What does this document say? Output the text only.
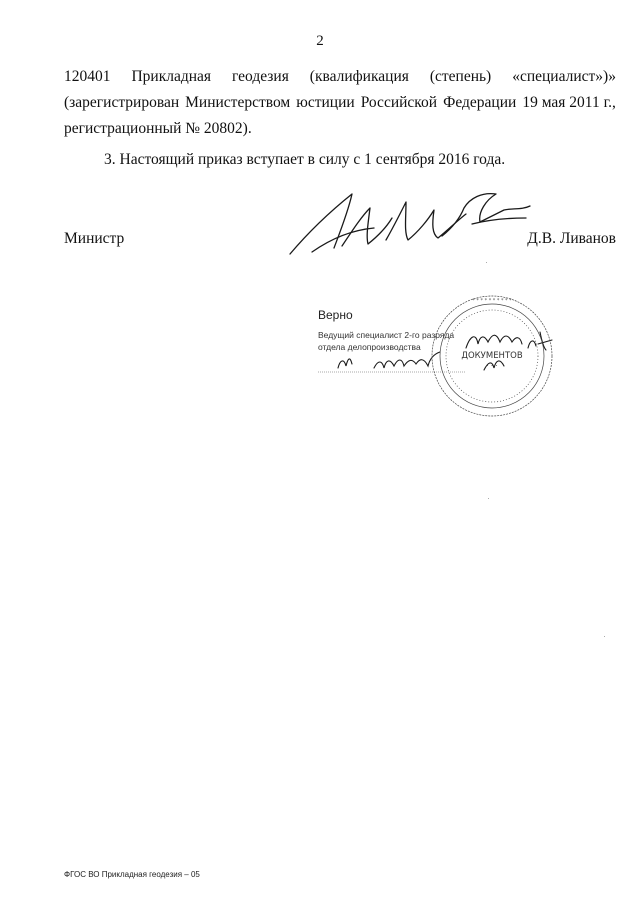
2
120401 Прикладная геодезия (квалификация (степень) «специалист»)»
(зарегистрирован Министерством юстиции Российской Федерации 19 мая 2011 г.,
регистрационный № 20802).
3. Настоящий приказ вступает в силу с 1 сентября 2016 года.
Министр	Д.В. Ливанов
Верно
Ведущий специалист 2-го разряда
отдела делопроизводства
* * * * * * * * * *
ДОКУМЕНТОВ
· · ·
ФГОС ВО Прикладная геодезия – 05
